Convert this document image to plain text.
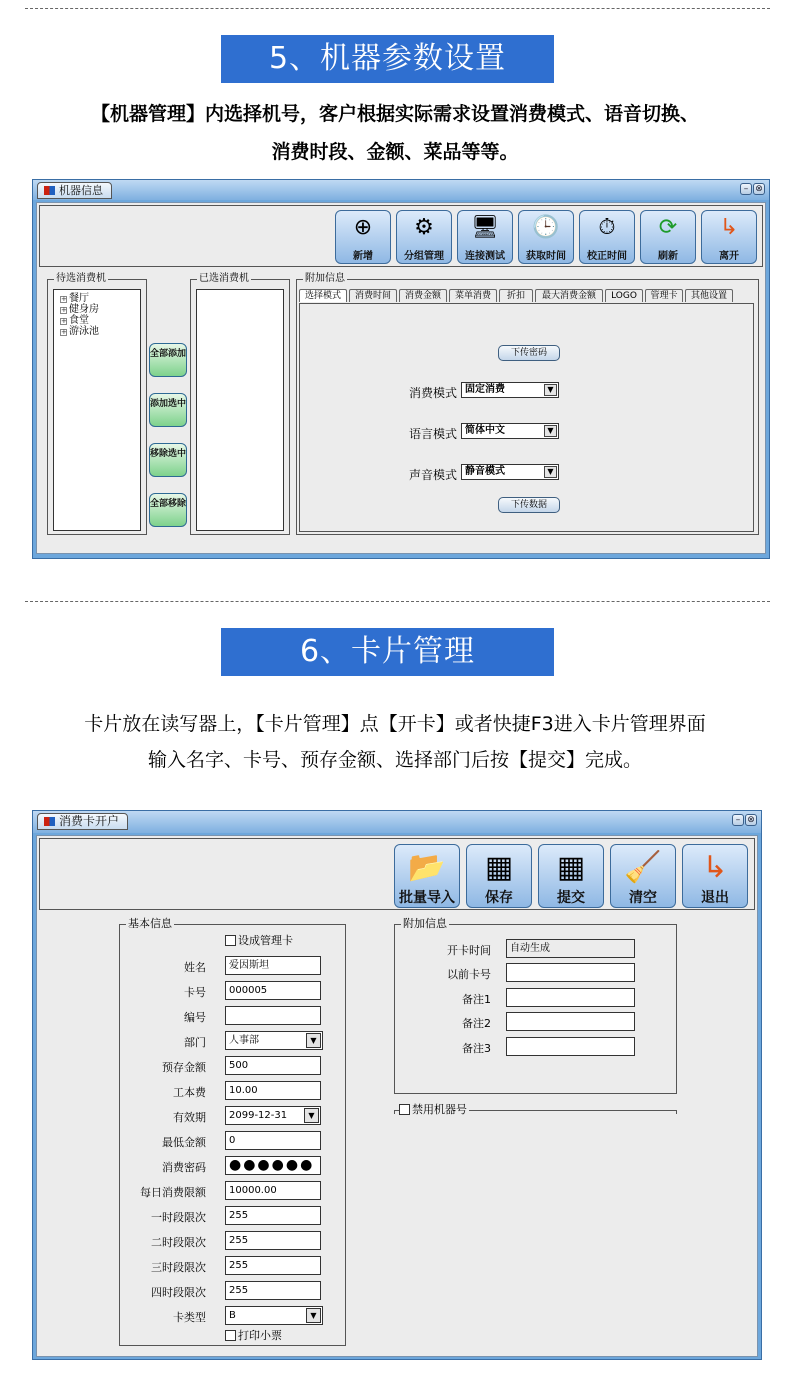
5、机器参数设置
【机器管理】内选择机号，客户根据实际需求设置消费模式、语音切换、
消费时段、金额、菜品等等。
机器信息	– ⊗
⊕
新增
⚙
分组管理
🖥
连接测试
🕒
获取时间
⏱
校正时间
⟳
刷新
↳
离开
待选消费机
+ 餐厅
+ 健身房
+ 食堂
+ 游泳池
全部添加
添加选中
移除选中
全部移除
已选消费机	附加信息
选择模式	消费时间	消费金额	菜单消费	折扣	最大消费金额	LOGO	管理卡	其他设置
下传密码
消费模式 固定消费	▼
语言模式 简体中文	▼
声音模式 静音模式	▼
下传数据
6、卡片管理
卡片放在读写器上，【卡片管理】点【开卡】或者快捷F3进入卡片管理界面
输入名字、卡号、预存金额、选择部门后按【提交】完成。
消费卡开户	– ⊗
📂
批量导入
▦
保存
▦
提交
🧹
清空
↳
退出
基本信息
设成管理卡
姓名	爱因斯坦
卡号	000005
编号
部门	人事部	▼
预存金额	500
工本费	10.00
有效期	2099-12-31	▼
最低金额	0
消费密码 ●●●●●●
每日消费限额	10000.00
一时段限次	255
二时段限次	255
三时段限次	255
四时段限次	255
卡类型	B	▼
打印小票
附加信息
开卡时间	自动生成
以前卡号
备注1
备注2
备注3
禁用机器号
